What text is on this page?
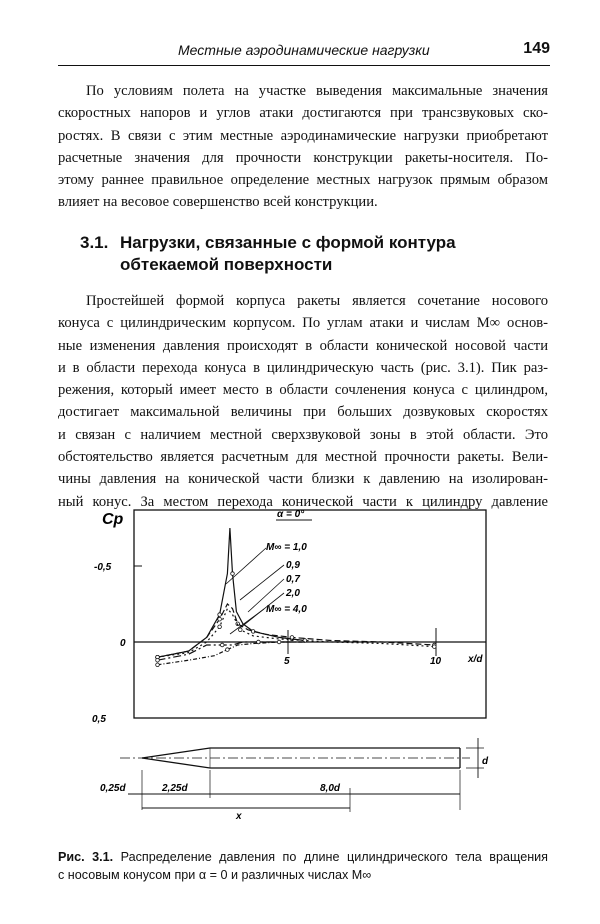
Местные аэродинамические нагрузки	149
По условиям полета на участке выведения максимальные значения
скоростных напоров и углов атаки достигаются при трансзвуковых ско-
ростях. В связи с этим местные аэродинамические нагрузки приобретают
расчетные значения для прочности конструкции ракеты-носителя. По-
этому раннее правильное определение местных нагрузок прямым образом
влияет на весовое совершенство всей конструкции.
3.1. Нагрузки, связанные с формой контура
обтекаемой поверхности
Простейшей формой корпуса ракеты является сочетание носового
конуса с цилиндрическим корпусом. По углам атаки и числам M∞ основ-
ные изменения давления происходят в области конической носовой части
и в области перехода конуса в цилиндрическую часть (рис. 3.1). Пик раз-
режения, который имеет место в области сочленения конуса с цилиндром,
достигает максимальной величины при больших дозвуковых скоростях
и связан с наличием местной сверхзвуковой зоны в этой области. Это
обстоятельство является расчетным для местной прочности ракеты. Вели-
чины давления на конической части близки к давлению на изолирован-
ный конус. За местом перехода конической части к цилиндру давление
Cp
-0,5
0
0,5
5	10	x/d
α = 0°
M∞ = 1,0
0,9
0,7
2,0
M∞ = 4,0
0,25d	2,25d	8,0d
x
d
Рис. 3.1. Распределение давления по длине цилиндрического тела вращения
с носовым конусом при α = 0 и различных числах M∞
